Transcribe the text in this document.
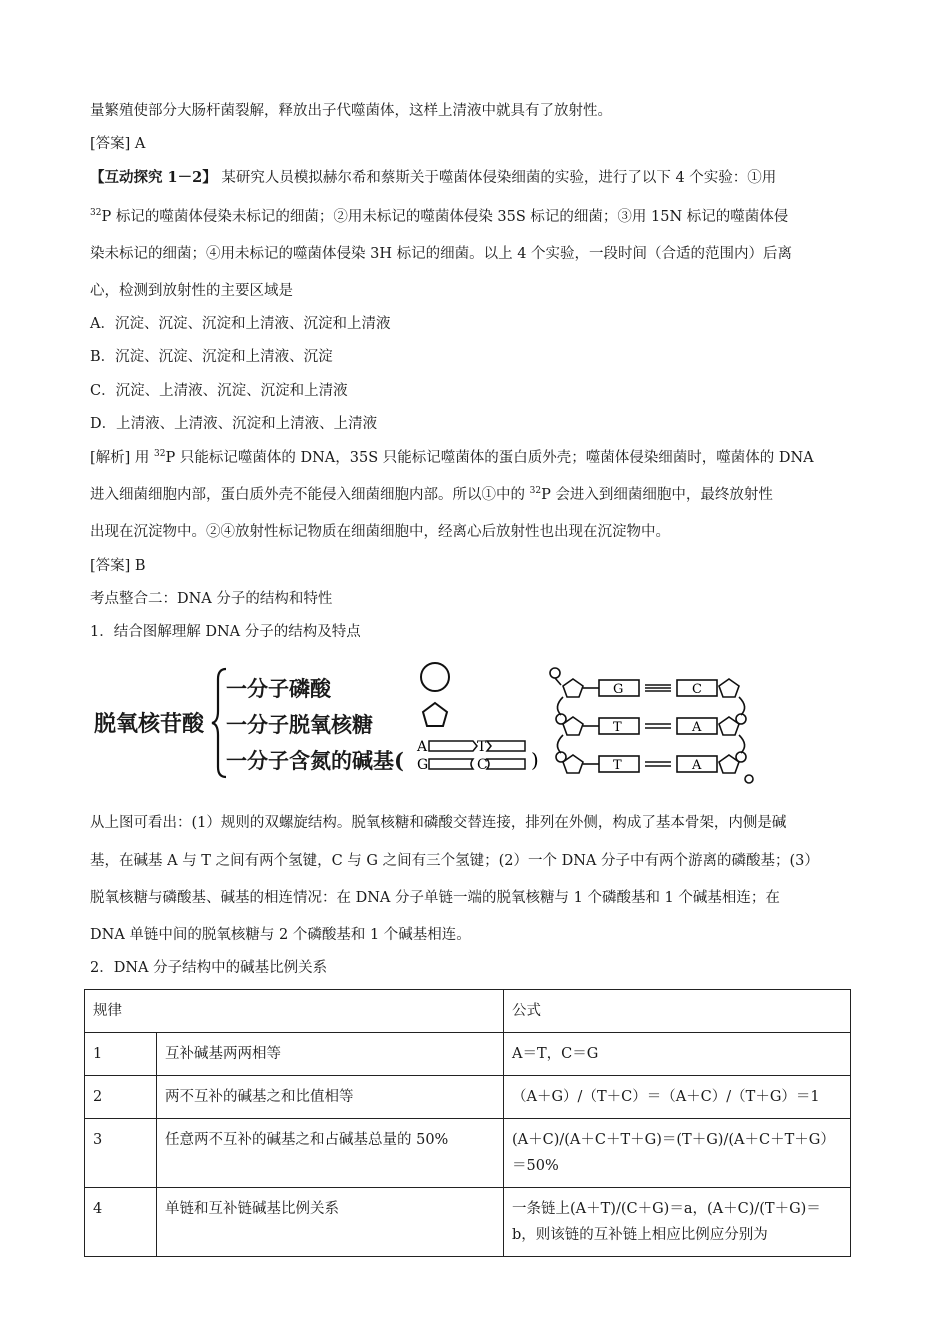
量繁殖使部分大肠杆菌裂解，释放出子代噬菌体，这样上清液中就具有了放射性。
[答案] A
【互动探究 1－2】 某研究人员模拟赫尔希和蔡斯关于噬菌体侵染细菌的实验，进行了以下 4 个实验：①用
$^{32}$P 标记的噬菌体侵染未标记的细菌；②用未标记的噬菌体侵染 35S 标记的细菌；③用 15N 标记的噬菌体侵
染未标记的细菌；④用未标记的噬菌体侵染 3H 标记的细菌。以上 4 个实验，一段时间（合适的范围内）后离
心，检测到放射性的主要区域是
A．沉淀、沉淀、沉淀和上清液、沉淀和上清液
B．沉淀、沉淀、沉淀和上清液、沉淀
C．沉淀、上清液、沉淀、沉淀和上清液
D．上清液、上清液、沉淀和上清液、上清液
[解析] 用 $^{32}$P 只能标记噬菌体的 DNA，35S 只能标记噬菌体的蛋白质外壳；噬菌体侵染细菌时，噬菌体的 DNA
进入细菌细胞内部，蛋白质外壳不能侵入细菌细胞内部。所以①中的 $^{32}$P 会进入到细菌细胞中，最终放射性
出现在沉淀物中。②④放射性标记物质在细菌细胞中，经离心后放射性也出现在沉淀物中。
[答案] B
考点整合二：DNA 分子的结构和特性
1．结合图解理解 DNA 分子的结构及特点
脱氧核苷酸
一分子磷酸
一分子脱氧核糖
一分子含氮的碱基(
A	T
G	C )
G	C
T	A
T	A
从上图可看出：(1）规则的双螺旋结构。脱氧核糖和磷酸交替连接，排列在外侧，构成了基本骨架，内侧是碱
基，在碱基 A 与 T 之间有两个氢键，C 与 G 之间有三个氢键；(2）一个 DNA 分子中有两个游离的磷酸基；(3）
脱氧核糖与磷酸基、碱基的相连情况：在 DNA 分子单链一端的脱氧核糖与 1 个磷酸基和 1 个碱基相连；在
DNA 单链中间的脱氧核糖与 2 个磷酸基和 1 个碱基相连。
2．DNA 分子结构中的碱基比例关系
规律		公式
1	互补碱基两两相等	A＝T，C＝G
2	两不互补的碱基之和比值相等	（A＋G）/（T＋C）＝（A＋C）/（T＋G）＝1
3	任意两不互补的碱基之和占碱基总量的 50%	(A＋C)/(A＋C＋T＋G)＝(T＋G)/(A＋C＋T＋G）＝50%
4	单链和互补链碱基比例关系	一条链上(A＋T)/(C＋G)＝a，(A＋C)/(T＋G)＝b，则该链的互补链上相应比例应分别为
